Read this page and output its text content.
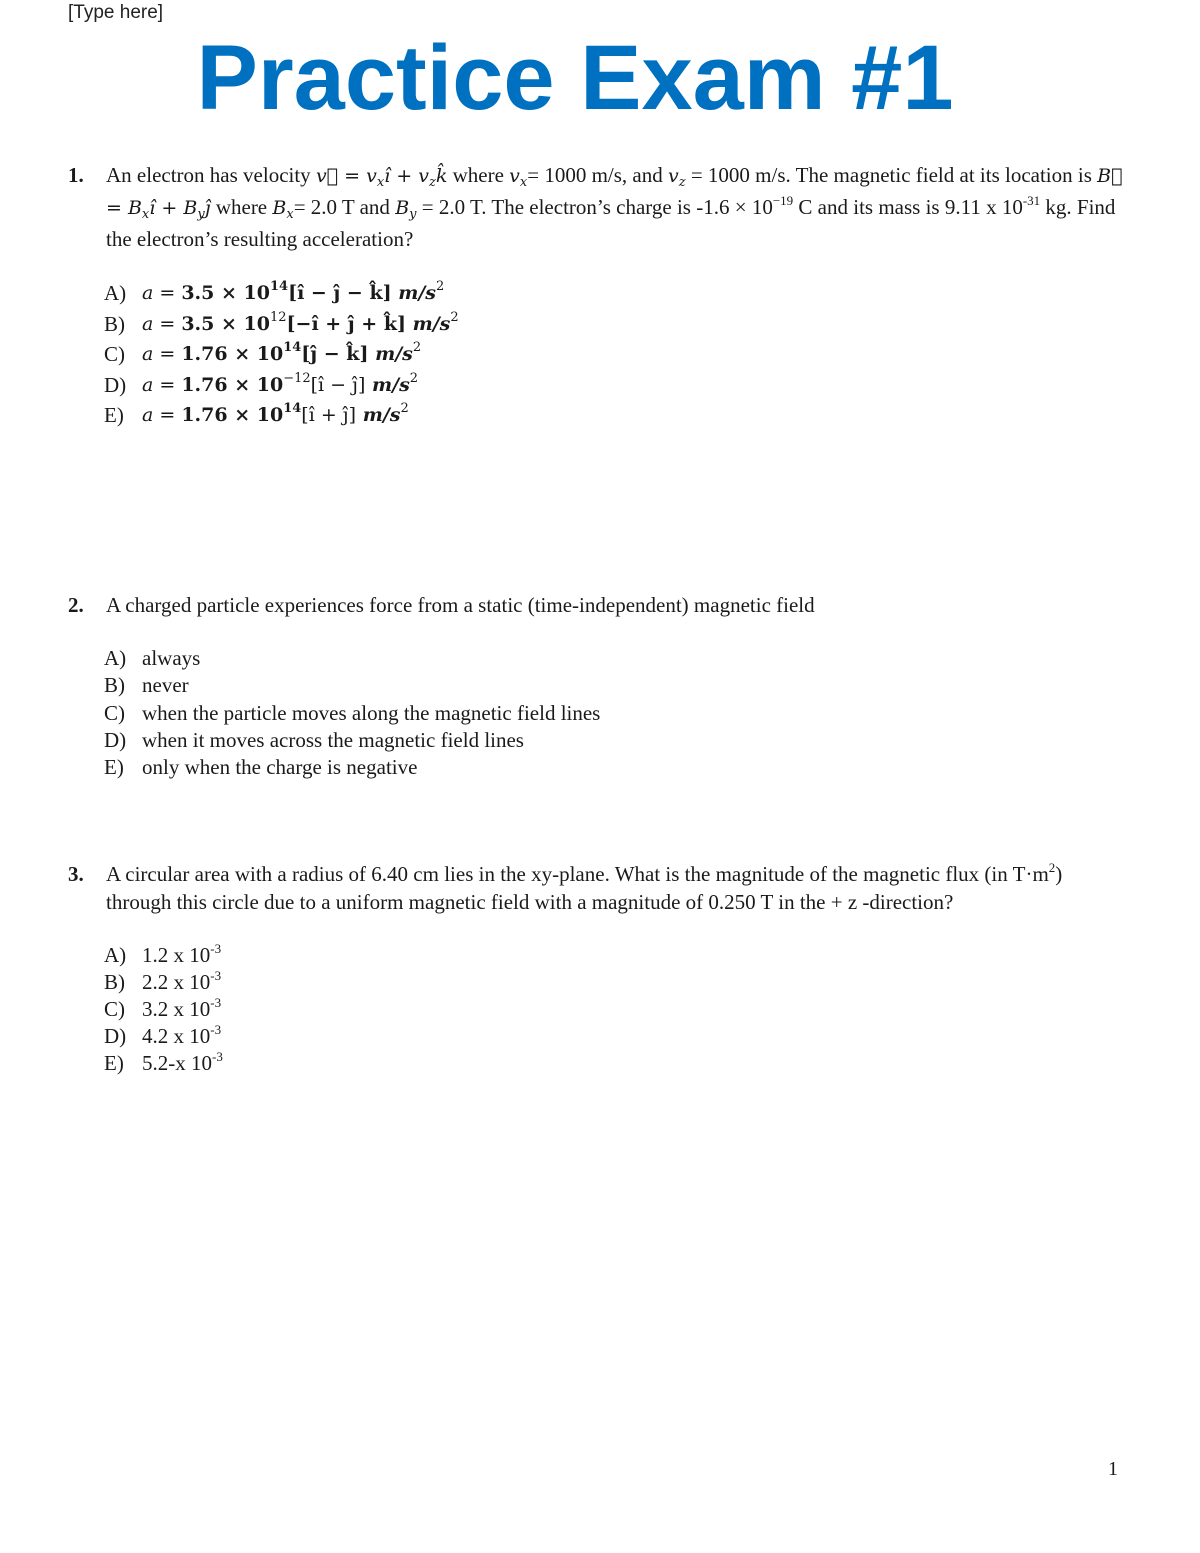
[Type here]
Practice Exam #1
1. An electron has velocity v⃗ = $v_xî$ + $v_zk̂$ where $v_x= 1000$ m/s, and $v_z = 1000$ m/s. The magnetic field at its location is B⃗ = $B_xî$ + $B_yĵ$ where $B_x= 2.0$ T and $B_y = 2.0$ T. The electron’s charge is $-1.6 \times 10^{-19}$ C and its mass is 9.11 x $10^{-31}$ kg. Find the electron’s resulting acceleration?
A) $a = 3.5 \times 10^{14}[î$ − ĵ − k̂] $m/s^2$
B) $a = 3.5 \times 10^{12}[-î$ + ĵ + k̂] $m/s^2$
C) $a = 1.76 \times 10^{14}[ĵ$ − k̂] $m/s^2$
D) $a = 1.76 \times 10^{-12}[î$ − ĵ] $m/s^2$
E) $a = 1.76 \times 10^{14}[î$ + ĵ] $m/s^2$
2. A charged particle experiences force from a static (time-independent) magnetic field
A) always
B) never
C) when the particle moves along the magnetic field lines
D) when it moves across the magnetic field lines
E) only when the charge is negative
3. A circular area with a radius of 6.40 cm lies in the xy-plane. What is the magnitude of the magnetic flux (in $T\cdot m^2$) through this circle due to a uniform magnetic field with a magnitude of 0.250 T in the + z -direction?
A) 1.2 x $10^{-3}$
B) 2.2 x $10^{-3}$
C) 3.2 x $10^{-3}$
D) 4.2 x $10^{-3}$
E) 5.2-x $10^{-3}$
1
